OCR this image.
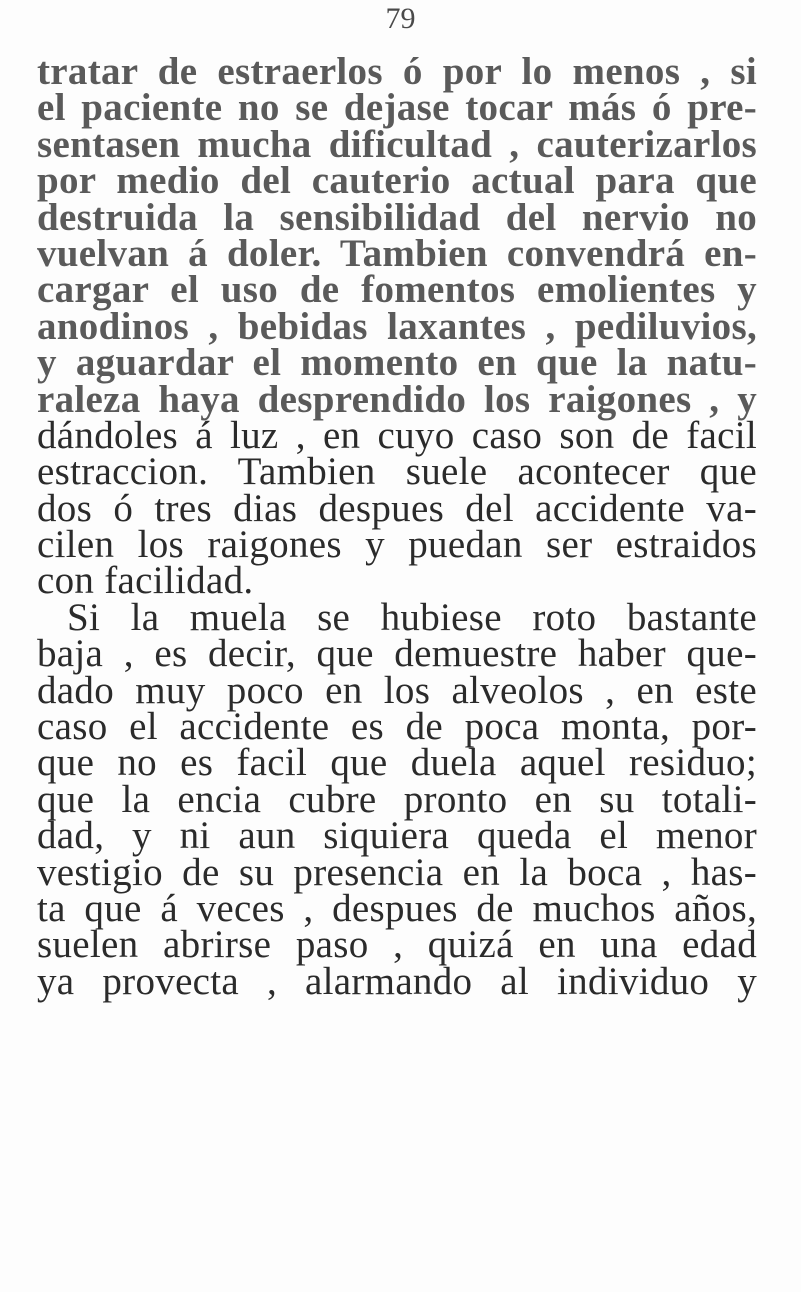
79
tratar de estraerlos ó por lo menos , si
el paciente no se dejase tocar más ó pre-
sentasen mucha dificultad , cauterizarlos
por medio del cauterio actual para que
destruida la sensibilidad del nervio no
vuelvan á doler. Tambien convendrá en-
cargar el uso de fomentos emolientes y
anodinos , bebidas laxantes , pediluvios,
y aguardar el momento en que la natu-
raleza haya desprendido los raigones , y
dándoles á luz , en cuyo caso son de facil
estraccion. Tambien suele acontecer que
dos ó tres dias despues del accidente va-
cilen los raigones y puedan ser estraidos
con facilidad.
Si la muela se hubiese roto bastante
baja , es decir, que demuestre haber que-
dado muy poco en los alveolos , en este
caso el accidente es de poca monta, por-
que no es facil que duela aquel residuo;
que la encia cubre pronto en su totali-
dad, y ni aun siquiera queda el menor
vestigio de su presencia en la boca , has-
ta que á veces , despues de muchos años,
suelen abrirse paso , quizá en una edad
ya provecta , alarmando al individuo y
